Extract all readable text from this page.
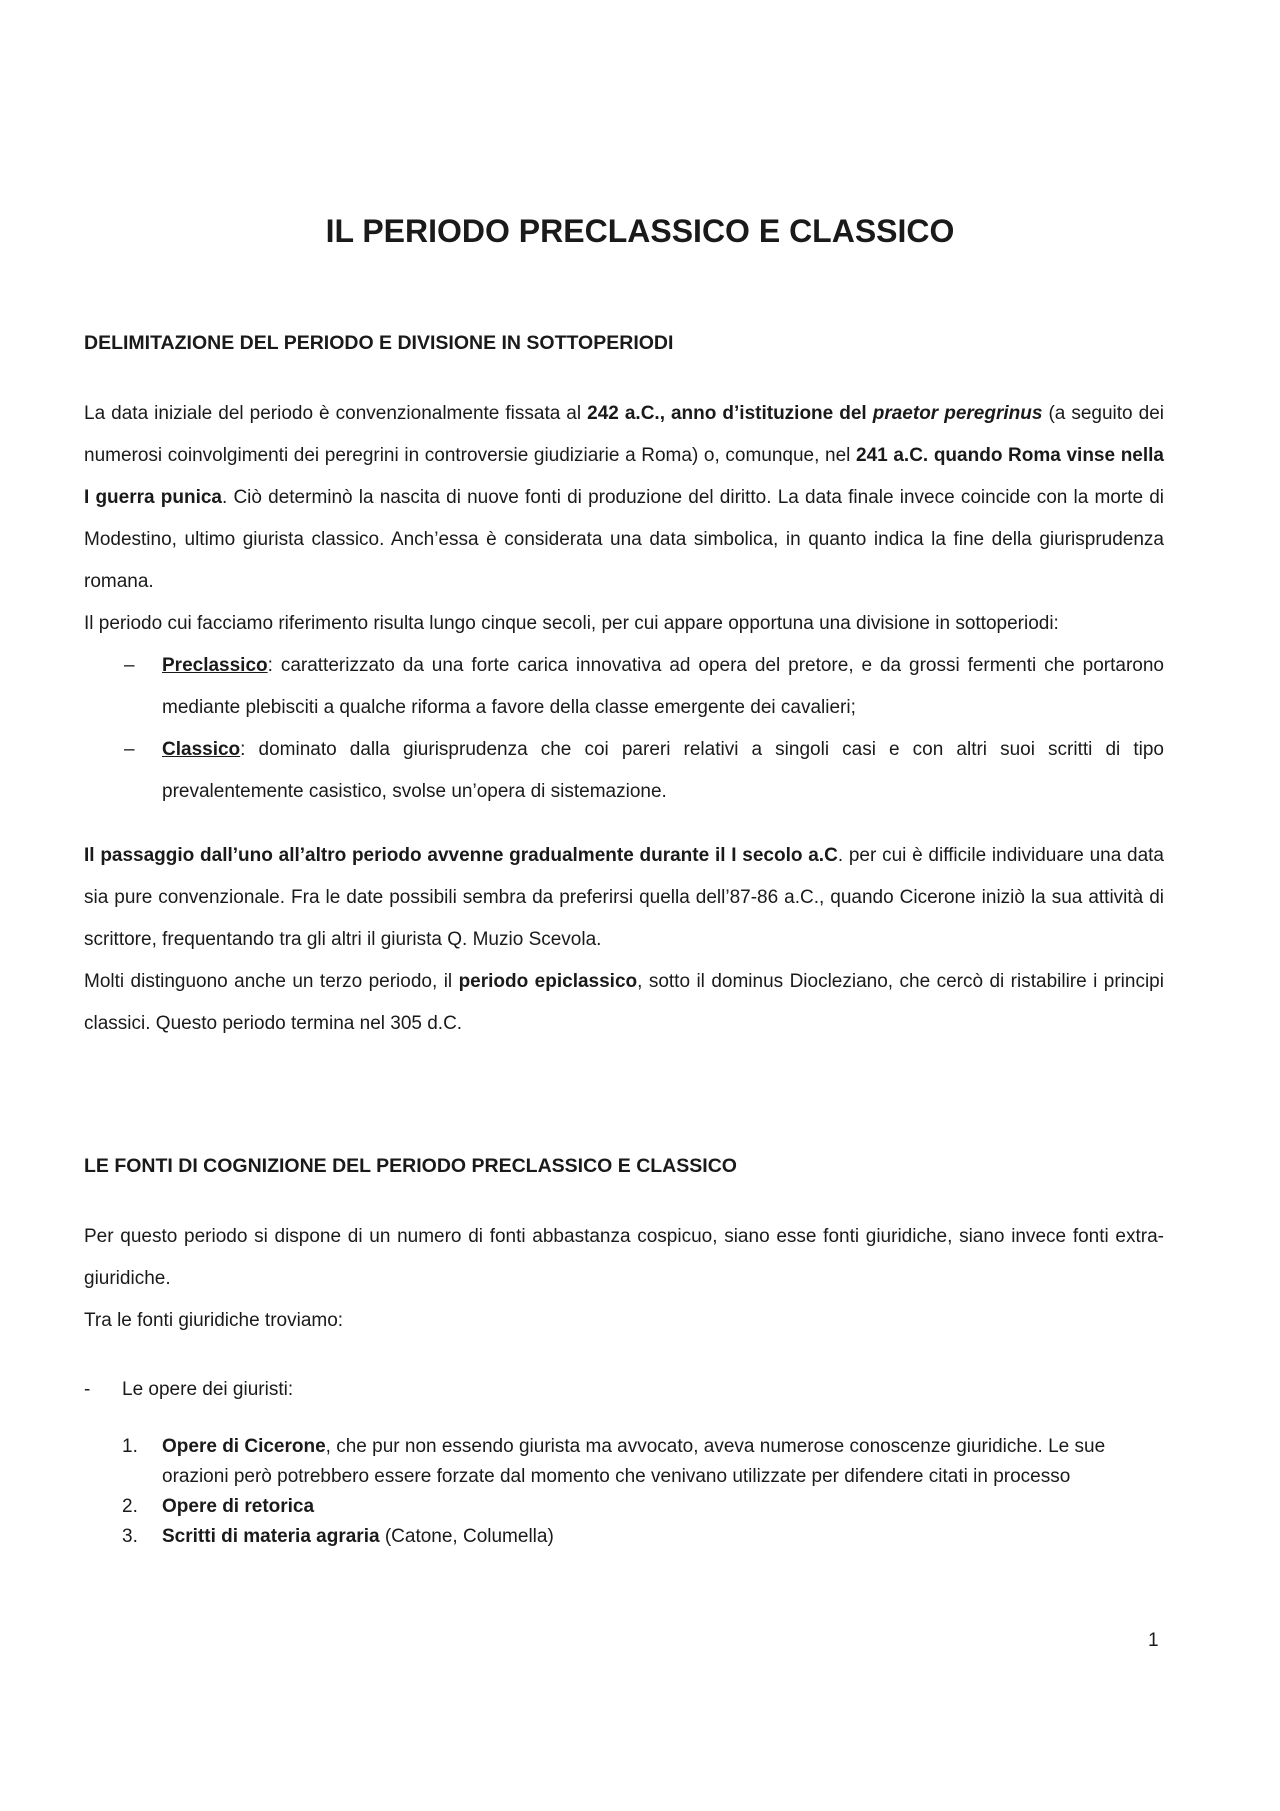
IL PERIODO PRECLASSICO E CLASSICO
DELIMITAZIONE DEL PERIODO E DIVISIONE IN SOTTOPERIODI

La data iniziale del periodo è convenzionalmente fissata al 242 a.C., anno d’istituzione del praetor peregrinus (a seguito dei numerosi coinvolgimenti dei peregrini in controversie giudiziarie a Roma) o, comunque, nel 241 a.C. quando Roma vinse nella I guerra punica. Ciò determinò la nascita di nuove fonti di produzione del diritto. La data finale invece coincide con la morte di Modestino, ultimo giurista classico. Anch’essa è considerata una data simbolica, in quanto indica la fine della giurisprudenza romana.

Il periodo cui facciamo riferimento risulta lungo cinque secoli, per cui appare opportuna una divisione in sottoperiodi:

– Preclassico: caratterizzato da una forte carica innovativa ad opera del pretore, e da grossi fermenti che portarono mediante plebisciti a qualche riforma a favore della classe emergente dei cavalieri;
– Classico: dominato dalla giurisprudenza che coi pareri relativi a singoli casi e con altri suoi scritti di tipo prevalentemente casistico, svolse un’opera di sistemazione.

Il passaggio dall’uno all’altro periodo avvenne gradualmente durante il I secolo a.C. per cui è difficile individuare una data sia pure convenzionale. Fra le date possibili sembra da preferirsi quella dell’87-86 a.C., quando Cicerone iniziò la sua attività di scrittore, frequentando tra gli altri il giurista Q. Muzio Scevola.

Molti distinguono anche un terzo periodo, il periodo epiclassico, sotto il dominus Diocleziano, che cercò di ristabilire i principi classici. Questo periodo termina nel 305 d.C.

LE FONTI DI COGNIZIONE DEL PERIODO PRECLASSICO E CLASSICO

Per questo periodo si dispone di un numero di fonti abbastanza cospicuo, siano esse fonti giuridiche, siano invece fonti extra-giuridiche.

Tra le fonti giuridiche troviamo:

- Le opere dei giuristi:
1. Opere di Cicerone, che pur non essendo giurista ma avvocato, aveva numerose conoscenze giuridiche. Le sue orazioni però potrebbero essere forzate dal momento che venivano utilizzate per difendere citati in processo
2. Opere di retorica
3. Scritti di materia agraria (Catone, Columella)
1
